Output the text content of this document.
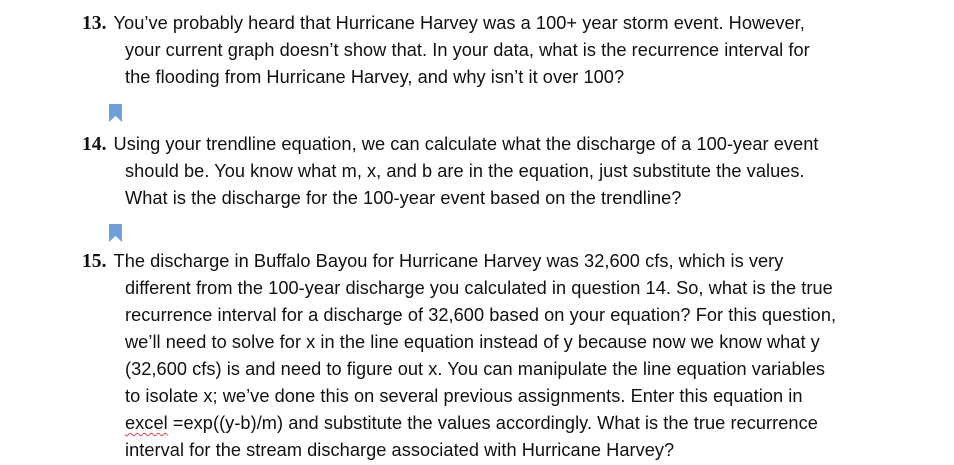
13. You’ve probably heard that Hurricane Harvey was a 100+ year storm event. However,
your current graph doesn’t show that. In your data, what is the recurrence interval for
the flooding from Hurricane Harvey, and why isn’t it over 100?
14. Using your trendline equation, we can calculate what the discharge of a 100-year event
should be. You know what m, x, and b are in the equation, just substitute the values.
What is the discharge for the 100-year event based on the trendline?
15. The discharge in Buffalo Bayou for Hurricane Harvey was 32,600 cfs, which is very
different from the 100-year discharge you calculated in question 14. So, what is the true
recurrence interval for a discharge of 32,600 based on your equation? For this question,
we’ll need to solve for x in the line equation instead of y because now we know what y
(32,600 cfs) is and need to figure out x. You can manipulate the line equation variables
to isolate x; we’ve done this on several previous assignments. Enter this equation in
excel =exp((y-b)/m) and substitute the values accordingly. What is the true recurrence
interval for the stream discharge associated with Hurricane Harvey?
